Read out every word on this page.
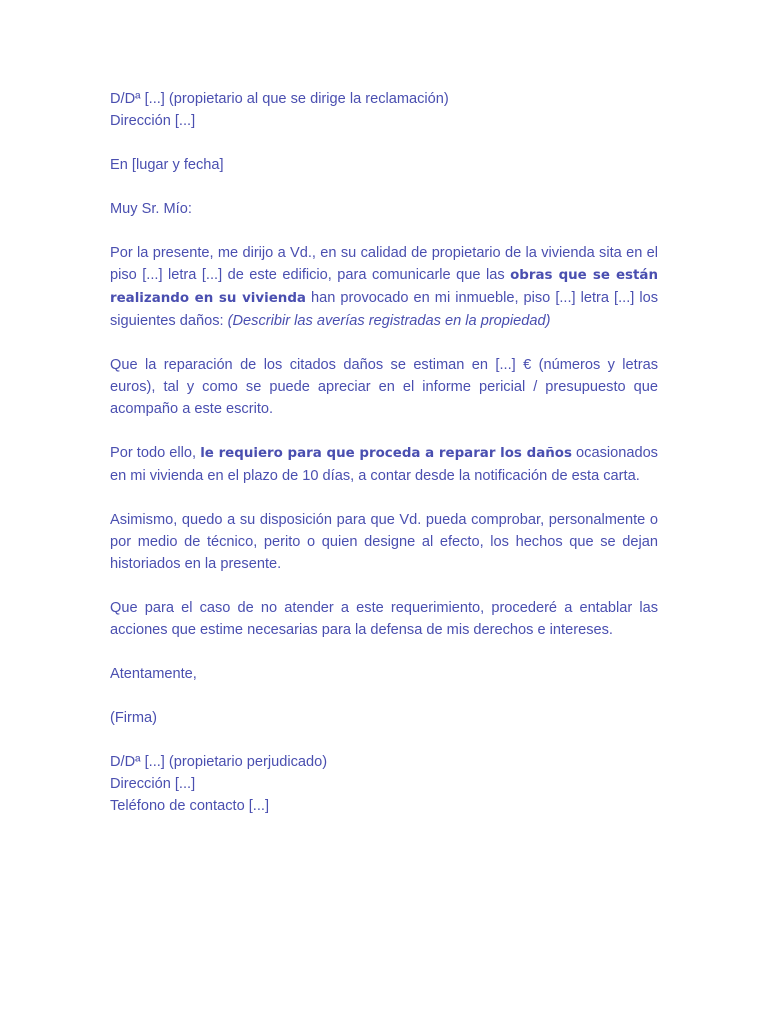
D/Dª [...] (propietario al que se dirige la reclamación)
Dirección [...]
En [lugar y fecha]
Muy Sr. Mío:
Por la presente, me dirijo a Vd., en su calidad de propietario de la vivienda sita en el piso [...] letra [...] de este edificio, para comunicarle que las obras que se están realizando en su vivienda han provocado en mi inmueble, piso [...] letra [...] los siguientes daños: (Describir las averías registradas en la propiedad)
Que la reparación de los citados daños se estiman en [...] € (números y letras euros), tal y como se puede apreciar en el informe pericial / presupuesto que acompaño a este escrito.
Por todo ello, le requiero para que proceda a reparar los daños ocasionados en mi vivienda en el plazo de 10 días, a contar desde la notificación de esta carta.
Asimismo, quedo a su disposición para que Vd. pueda comprobar, personalmente o por medio de técnico, perito o quien designe al efecto, los hechos que se dejan historiados en la presente.
Que para el caso de no atender a este requerimiento, procederé a entablar las acciones que estime necesarias para la defensa de mis derechos e intereses.
Atentamente,
(Firma)
D/Dª [...] (propietario perjudicado)
Dirección [...]
Teléfono de contacto [...]
